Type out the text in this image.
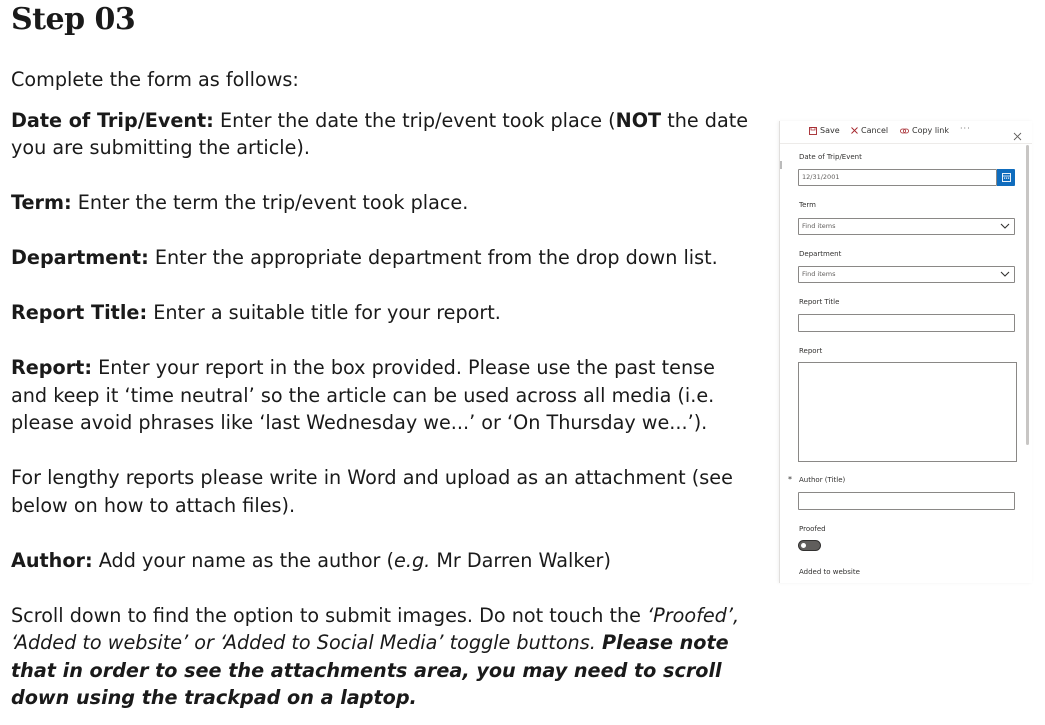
Step 03

Complete the form as follows:

Date of Trip/Event: Enter the date the trip/event took place (NOT the date you are submitting the article).

Term: Enter the term the trip/event took place.

Department: Enter the appropriate department from the drop down list.

Report Title: Enter a suitable title for your report.

Report: Enter your report in the box provided. Please use the past tense and keep it ‘time neutral’ so the article can be used across all media (i.e. please avoid phrases like ‘last Wednesday we...’ or ‘On Thursday we...’).

For lengthy reports please write in Word and upload as an attachment (see below on how to attach files).

Author: Add your name as the author (e.g. Mr Darren Walker)

Scroll down to find the option to submit images. Do not touch the ‘Proofed’, ‘Added to website’ or ‘Added to Social Media’ toggle buttons. Please note that in order to see the attachments area, you may need to scroll down using the trackpad on a laptop.

Save	Cancel	Copy link ···
Date of Trip/Event
12/31/2001
Term
Find items
Department
Find items
Report Title
Report
* Author (Title)
Proofed
Added to website
